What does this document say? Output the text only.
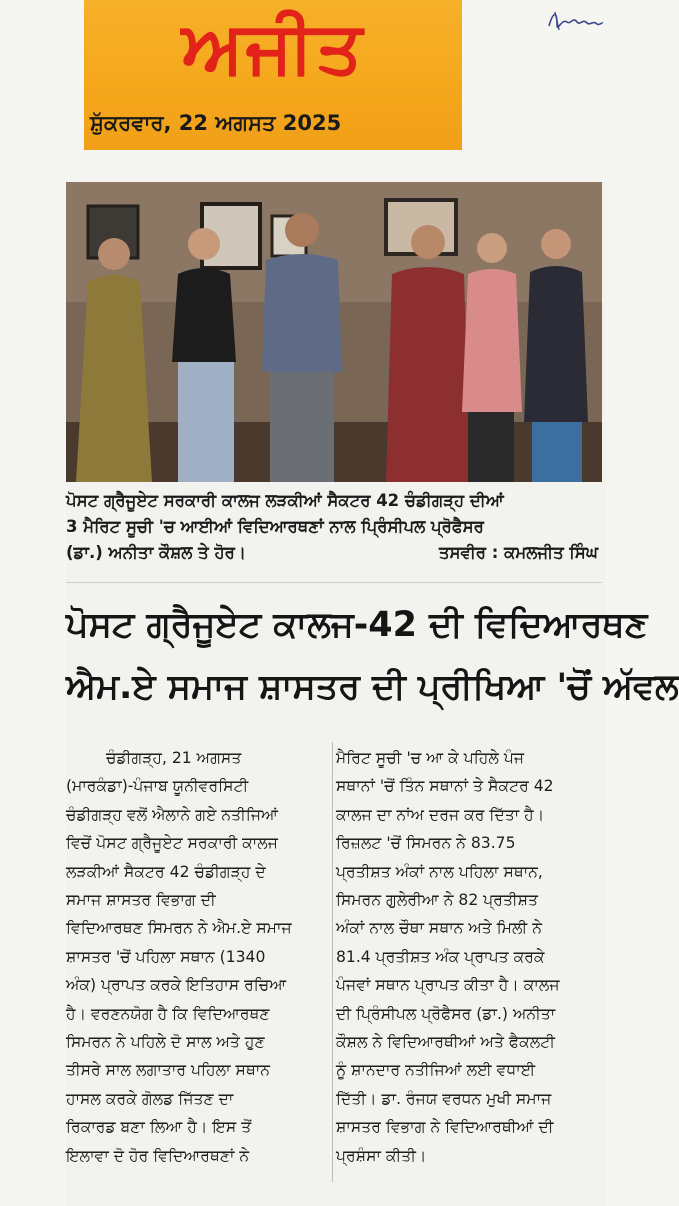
ਅਜੀਤ
ਸ਼ੁੱਕਰਵਾਰ, 22 ਅਗਸਤ 2025
ਪੋਸਟ ਗ੍ਰੈਜੂਏਟ ਸਰਕਾਰੀ ਕਾਲਜ ਲੜਕੀਆਂ ਸੈਕਟਰ 42 ਚੰਡੀਗੜ੍ਹ ਦੀਆਂ
3 ਮੈਰਿਟ ਸੂਚੀ 'ਚ ਆਈਆਂ ਵਿਦਿਆਰਥਣਾਂ ਨਾਲ ਪ੍ਰਿੰਸੀਪਲ ਪ੍ਰੋਫੈਸਰ
(ਡਾ.) ਅਨੀਤਾ ਕੌਸ਼ਲ ਤੇ ਹੋਰ।	ਤਸਵੀਰ : ਕਮਲਜੀਤ ਸਿੰਘ
ਪੋਸਟ ਗ੍ਰੈਜੂਏਟ ਕਾਲਜ-42 ਦੀ ਵਿਦਿਆਰਥਣ
ਐਮ.ਏ ਸਮਾਜ ਸ਼ਾਸਤਰ ਦੀ ਪ੍ਰੀਖਿਆ 'ਚੋਂ ਅੱਵਲ
ਚੰਡੀਗੜ੍ਹ, 21 ਅਗਸਤ
(ਮਾਰਕੰਡਾ)-ਪੰਜਾਬ ਯੂਨੀਵਰਸਿਟੀ
ਚੰਡੀਗੜ੍ਹ ਵਲੋਂ ਐਲਾਨੇ ਗਏ ਨਤੀਜਿਆਂ
ਵਿਚੋਂ ਪੋਸਟ ਗ੍ਰੈਜੂਏਟ ਸਰਕਾਰੀ ਕਾਲਜ
ਲੜਕੀਆਂ ਸੈਕਟਰ 42 ਚੰਡੀਗੜ੍ਹ ਦੇ
ਸਮਾਜ ਸ਼ਾਸਤਰ ਵਿਭਾਗ ਦੀ
ਵਿਦਿਆਰਥਣ ਸਿਮਰਨ ਨੇ ਐਮ.ਏ ਸਮਾਜ
ਸ਼ਾਸਤਰ 'ਚੋਂ ਪਹਿਲਾ ਸਥਾਨ (1340
ਅੰਕ) ਪ੍ਰਾਪਤ ਕਰਕੇ ਇਤਿਹਾਸ ਰਚਿਆ
ਹੈ। ਵਰਣਨਯੋਗ ਹੈ ਕਿ ਵਿਦਿਆਰਥਣ
ਸਿਮਰਨ ਨੇ ਪਹਿਲੇ ਦੋ ਸਾਲ ਅਤੇ ਹੁਣ
ਤੀਸਰੇ ਸਾਲ ਲਗਾਤਾਰ ਪਹਿਲਾ ਸਥਾਨ
ਹਾਸਲ ਕਰਕੇ ਗੋਲਡ ਜਿੱਤਣ ਦਾ
ਰਿਕਾਰਡ ਬਣਾ ਲਿਆ ਹੈ। ਇਸ ਤੋਂ
ਇਲਾਵਾ ਦੋ ਹੋਰ ਵਿਦਿਆਰਥਣਾਂ ਨੇ
ਮੈਰਿਟ ਸੂਚੀ 'ਚ ਆ ਕੇ ਪਹਿਲੇ ਪੰਜ
ਸਥਾਨਾਂ 'ਚੋਂ ਤਿੰਨ ਸਥਾਨਾਂ ਤੇ ਸੈਕਟਰ 42
ਕਾਲਜ ਦਾ ਨਾਂਅ ਦਰਜ ਕਰ ਦਿੱਤਾ ਹੈ।
ਰਿਜ਼ਲਟ 'ਚੋਂ ਸਿਮਰਨ ਨੇ 83.75
ਪ੍ਰਤੀਸ਼ਤ ਅੰਕਾਂ ਨਾਲ ਪਹਿਲਾ ਸਥਾਨ,
ਸਿਮਰਨ ਗੁਲੇਰੀਆ ਨੇ 82 ਪ੍ਰਤੀਸ਼ਤ
ਅੰਕਾਂ ਨਾਲ ਚੌਥਾ ਸਥਾਨ ਅਤੇ ਮਿਲੀ ਨੇ
81.4 ਪ੍ਰਤੀਸ਼ਤ ਅੰਕ ਪ੍ਰਾਪਤ ਕਰਕੇ
ਪੰਜਵਾਂ ਸਥਾਨ ਪ੍ਰਾਪਤ ਕੀਤਾ ਹੈ। ਕਾਲਜ
ਦੀ ਪ੍ਰਿੰਸੀਪਲ ਪ੍ਰੋਫੈਸਰ (ਡਾ.) ਅਨੀਤਾ
ਕੌਸ਼ਲ ਨੇ ਵਿਦਿਆਰਥੀਆਂ ਅਤੇ ਫੈਕਲਟੀ
ਨੂੰ ਸ਼ਾਨਦਾਰ ਨਤੀਜਿਆਂ ਲਈ ਵਧਾਈ
ਦਿੱਤੀ। ਡਾ. ਰੰਜਯ ਵਰਧਨ ਮੁਖੀ ਸਮਾਜ
ਸ਼ਾਸਤਰ ਵਿਭਾਗ ਨੇ ਵਿਦਿਆਰਥੀਆਂ ਦੀ
ਪ੍ਰਸ਼ੰਸਾ ਕੀਤੀ।
